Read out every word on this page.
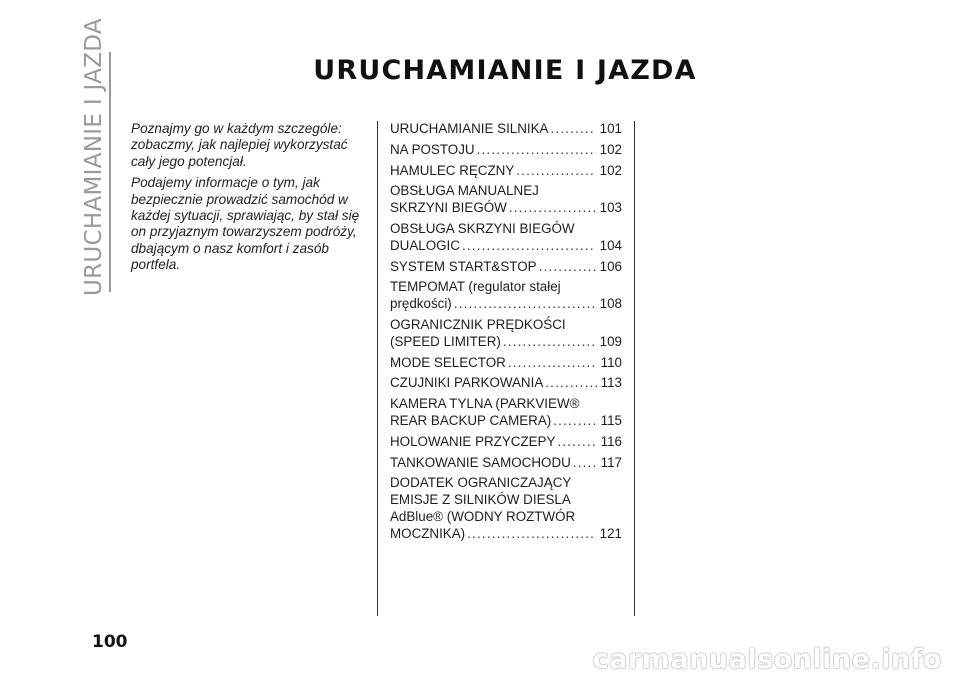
URUCHAMIANIE I JAZDA	URUCHAMIANIE I JAZDA

Poznajmy go w każdym szczególe: zobaczmy, jak najlepiej wykorzystać cały jego potencjał.

Podajemy informacje o tym, jak bezpiecznie prowadzić samochód w każdej sytuacji, sprawiając, by stał się on przyjaznym towarzyszem podróży, dbającym o nasz komfort i zasób portfela.

URUCHAMIANIE SILNIKA .....	101
NA POSTOJU .....	102
HAMULEC RĘCZNY .....	102
OBSŁUGA MANUALNEJ
SKRZYNI BIEGÓW .....	103
OBSŁUGA SKRZYNI BIEGÓW
DUALOGIC .....	104
SYSTEM START&STOP .....	106
TEMPOMAT (regulator stałej
prędkości) .....	108
OGRANICZNIK PRĘDKOŚCI
(SPEED LIMITER) .....	109
MODE SELECTOR .....	110
CZUJNIKI PARKOWANIA .....	113
KAMERA TYLNA (PARKVIEW®
REAR BACKUP CAMERA) .....	115
HOLOWANIE PRZYCZEPY .....	116
TANKOWANIE SAMOCHODU ..... 117
DODATEK OGRANICZAJĄCY
EMISJE Z SILNIKÓW DIESLA
AdBlue® (WODNY ROZTWÓR
MOCZNIKA) .....	121
100
carmanualsonline.info
